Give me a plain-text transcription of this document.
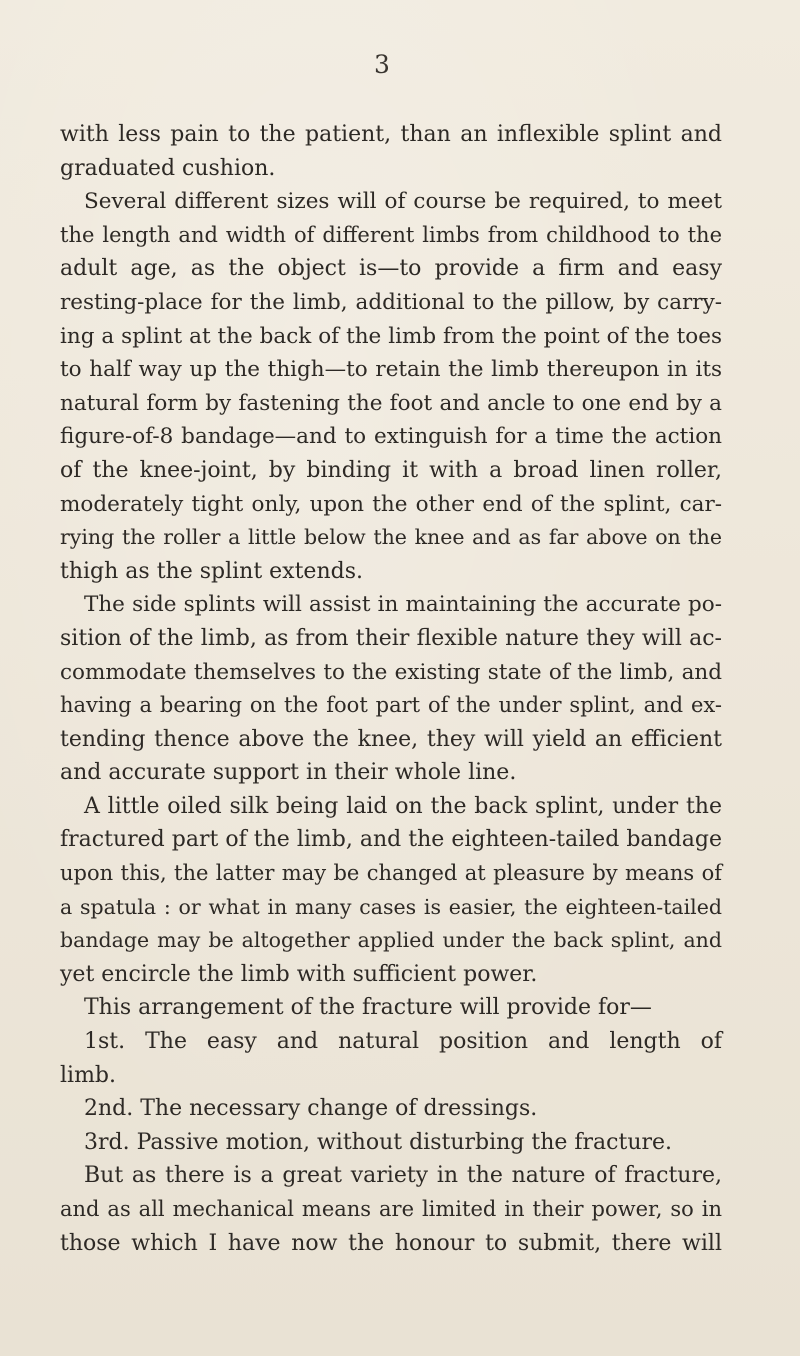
3
with less pain to the patient, than an inflexible splint and
graduated cushion.
Several different sizes will of course be required, to meet
the length and width of different limbs from childhood to the
adult age, as the object is—to provide a firm and easy
resting-place for the limb, additional to the pillow, by carry-
ing a splint at the back of the limb from the point of the toes
to half way up the thigh—to retain the limb thereupon in its
natural form by fastening the foot and ancle to one end by a
figure-of-8 bandage—and to extinguish for a time the action
of the knee-joint, by binding it with a broad linen roller,
moderately tight only, upon the other end of the splint, car-
rying the roller a little below the knee and as far above on the
thigh as the splint extends.
The side splints will assist in maintaining the accurate po-
sition of the limb, as from their flexible nature they will ac-
commodate themselves to the existing state of the limb, and
having a bearing on the foot part of the under splint, and ex-
tending thence above the knee, they will yield an efficient
and accurate support in their whole line.
A little oiled silk being laid on the back splint, under the
fractured part of the limb, and the eighteen-tailed bandage
upon this, the latter may be changed at pleasure by means of
a spatula : or what in many cases is easier, the eighteen-tailed
bandage may be altogether applied under the back splint, and
yet encircle the limb with sufficient power.
This arrangement of the fracture will provide for—
1st. The easy and natural position and length of
limb.
2nd. The necessary change of dressings.
3rd. Passive motion, without disturbing the fracture.
But as there is a great variety in the nature of fracture,
and as all mechanical means are limited in their power, so in
those which I have now the honour to submit, there will
